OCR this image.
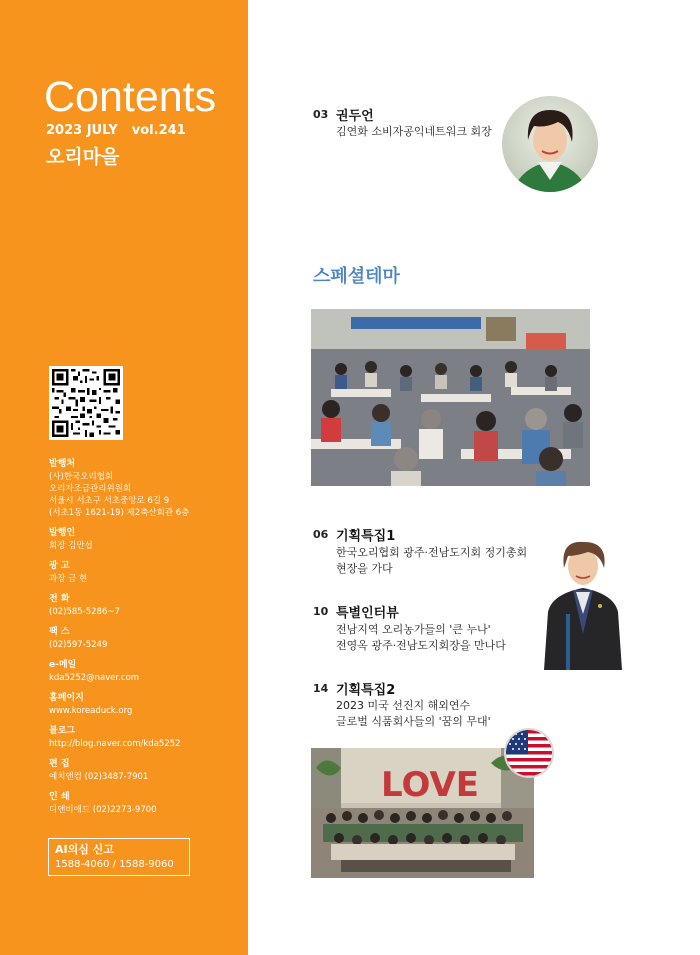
Contents
2023 JULY vol.241
오리마을
발행처
(사)한국오리협회
오리자조금관리위원회
서울시 서초구 서초중앙로 6길 9
(서초1동 1621-19) 제2축산회관 6층
발행인
회장 김만섭
광 고
과장 금 현
전 화
(02)585-5286~7
팩 스
(02)597-5249
e-메일
kda5252@naver.com
홈페이지
www.koreaduck.org
블로그
http://blog.naver.com/kda5252
편 집
예치앤컴 (02)3487-7901
인 쇄
디앤비애드 (02)2273-9700
AI의심 신고
1588-4060 / 1588-9060
03 권두언
김연화 소비자공익네트워크 회장
스페셜테마
06 기획특집1
한국오리협회 광주·전남도지회 정기총회
현장을 가다
10 특별인터뷰
전남지역 오리농가들의 '큰 누나'
전영옥 광주·전남도지회장을 만나다
14 기획특집2
2023 미국 선진지 해외연수
글로벌 식품회사들의 '꿈의 무대'
LOVE
